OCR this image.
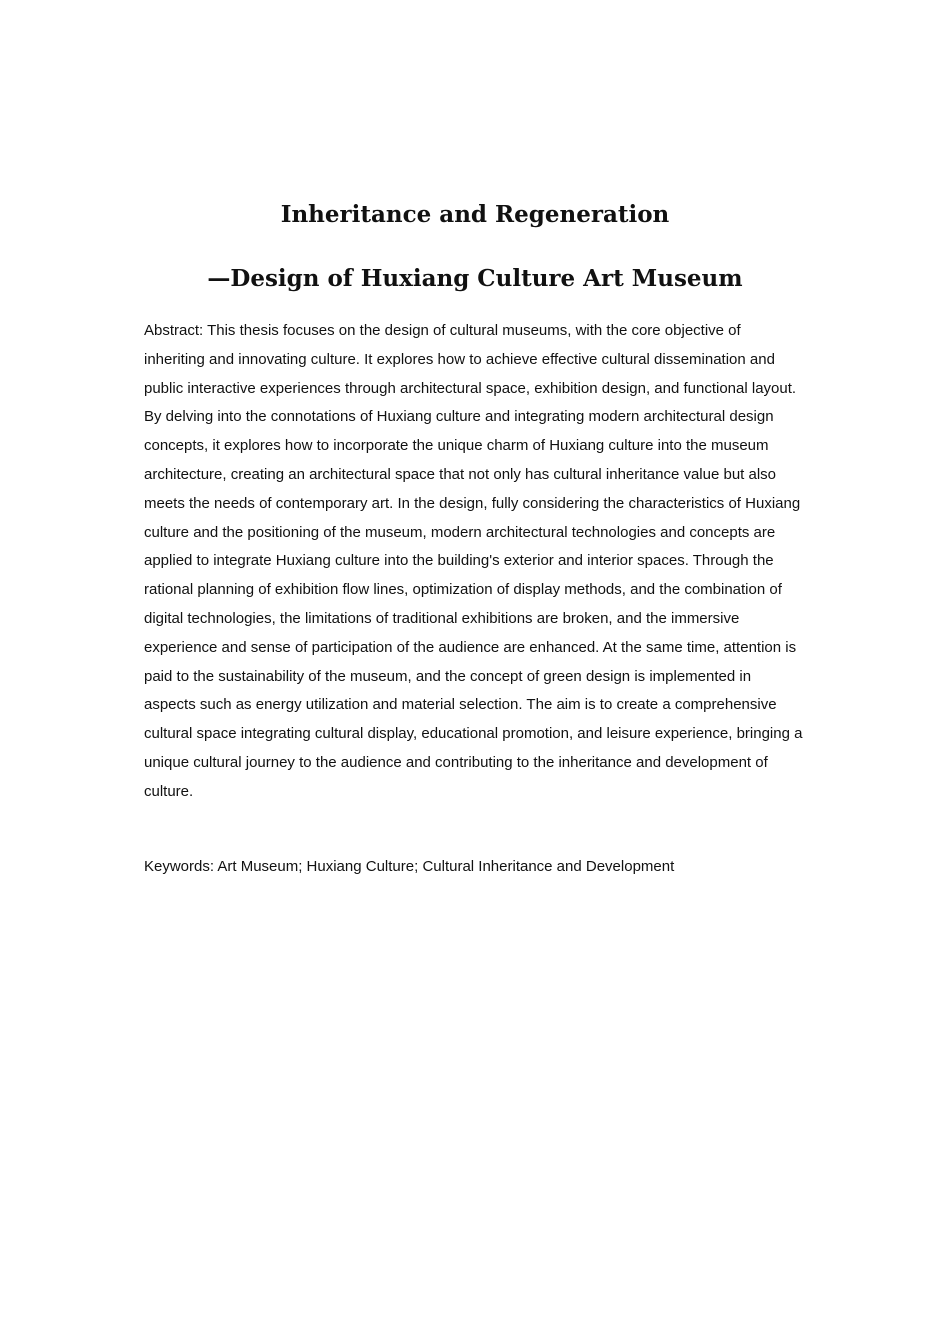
Inheritance and Regeneration
—Design of Huxiang Culture Art Museum

Abstract: This thesis focuses on the design of cultural museums, with the core objective of inheriting and innovating culture. It explores how to achieve effective cultural dissemination and public interactive experiences through architectural space, exhibition design, and functional layout. By delving into the connotations of Huxiang culture and integrating modern architectural design concepts, it explores how to incorporate the unique charm of Huxiang culture into the museum architecture, creating an architectural space that not only has cultural inheritance value but also meets the needs of contemporary art. In the design, fully considering the characteristics of Huxiang culture and the positioning of the museum, modern architectural technologies and concepts are applied to integrate Huxiang culture into the building's exterior and interior spaces. Through the rational planning of exhibition flow lines, optimization of display methods, and the combination of digital technologies, the limitations of traditional exhibitions are broken, and the immersive experience and sense of participation of the audience are enhanced. At the same time, attention is paid to the sustainability of the museum, and the concept of green design is implemented in aspects such as energy utilization and material selection. The aim is to create a comprehensive cultural space integrating cultural display, educational promotion, and leisure experience, bringing a unique cultural journey to the audience and contributing to the inheritance and development of culture.

Keywords: Art Museum; Huxiang Culture; Cultural Inheritance and Development
